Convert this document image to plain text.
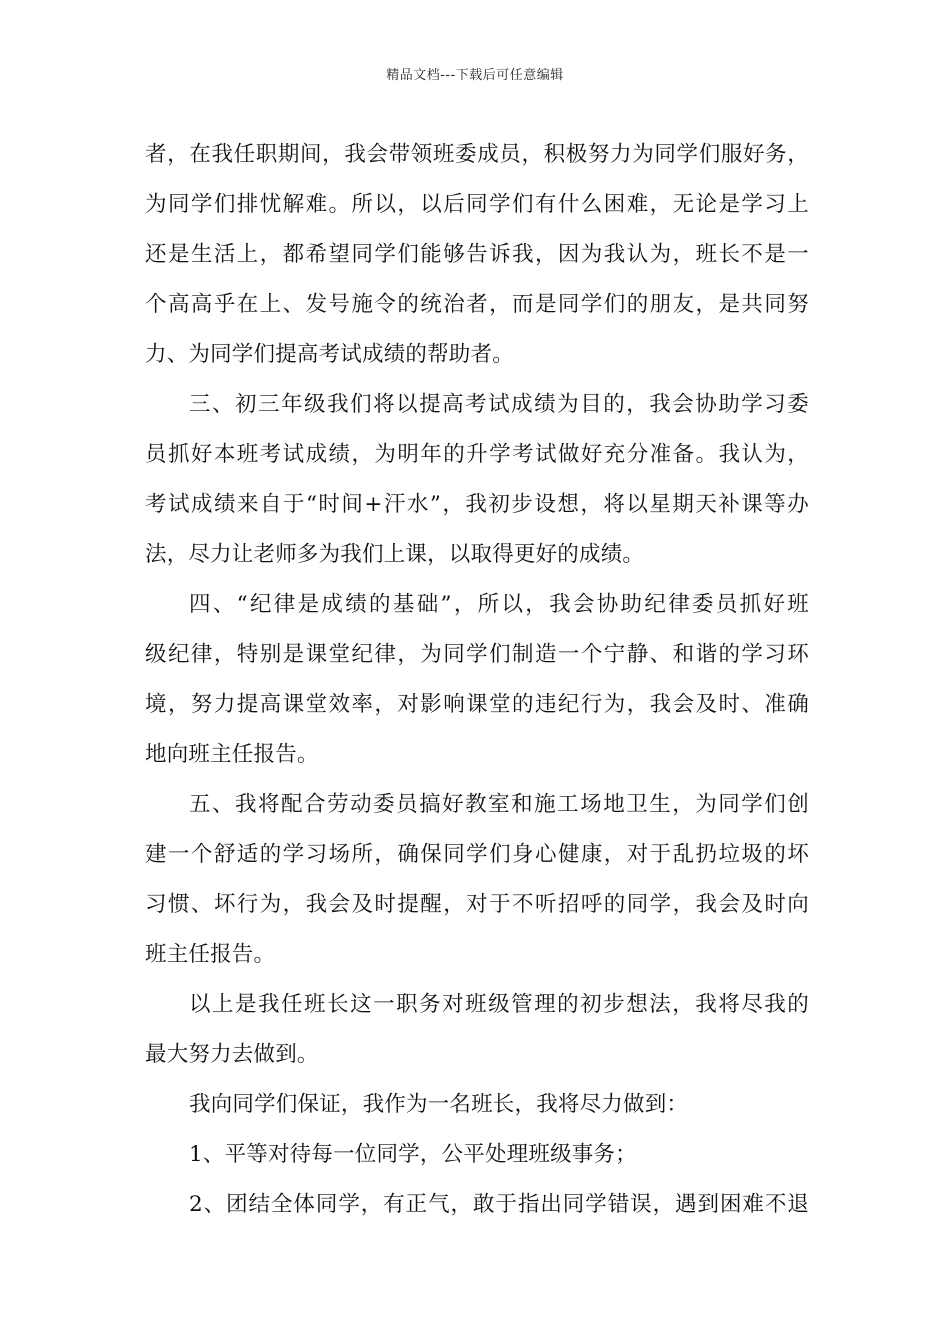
精品文档---下载后可任意编辑
者，在我任职期间，我会带领班委成员，积极努力为同学们服好务，
为同学们排忧解难。所以，以后同学们有什么困难，无论是学习上
还是生活上，都希望同学们能够告诉我，因为我认为，班长不是一
个高高乎在上、发号施令的统治者，而是同学们的朋友，是共同努
力、为同学们提高考试成绩的帮助者。
三、初三年级我们将以提高考试成绩为目的，我会协助学习委
员抓好本班考试成绩，为明年的升学考试做好充分准备。我认为，
考试成绩来自于“时间+汗水”，我初步设想，将以星期天补课等办
法，尽力让老师多为我们上课，以取得更好的成绩。
四、“纪律是成绩的基础”，所以，我会协助纪律委员抓好班
级纪律，特别是课堂纪律，为同学们制造一个宁静、和谐的学习环
境，努力提高课堂效率，对影响课堂的违纪行为，我会及时、准确
地向班主任报告。
五、我将配合劳动委员搞好教室和施工场地卫生，为同学们创
建一个舒适的学习场所，确保同学们身心健康，对于乱扔垃圾的坏
习惯、坏行为，我会及时提醒，对于不听招呼的同学，我会及时向
班主任报告。
以上是我任班长这一职务对班级管理的初步想法，我将尽我的
最大努力去做到。
我向同学们保证，我作为一名班长，我将尽力做到：
1、平等对待每一位同学，公平处理班级事务；
2、团结全体同学，有正气，敢于指出同学错误，遇到困难不退
